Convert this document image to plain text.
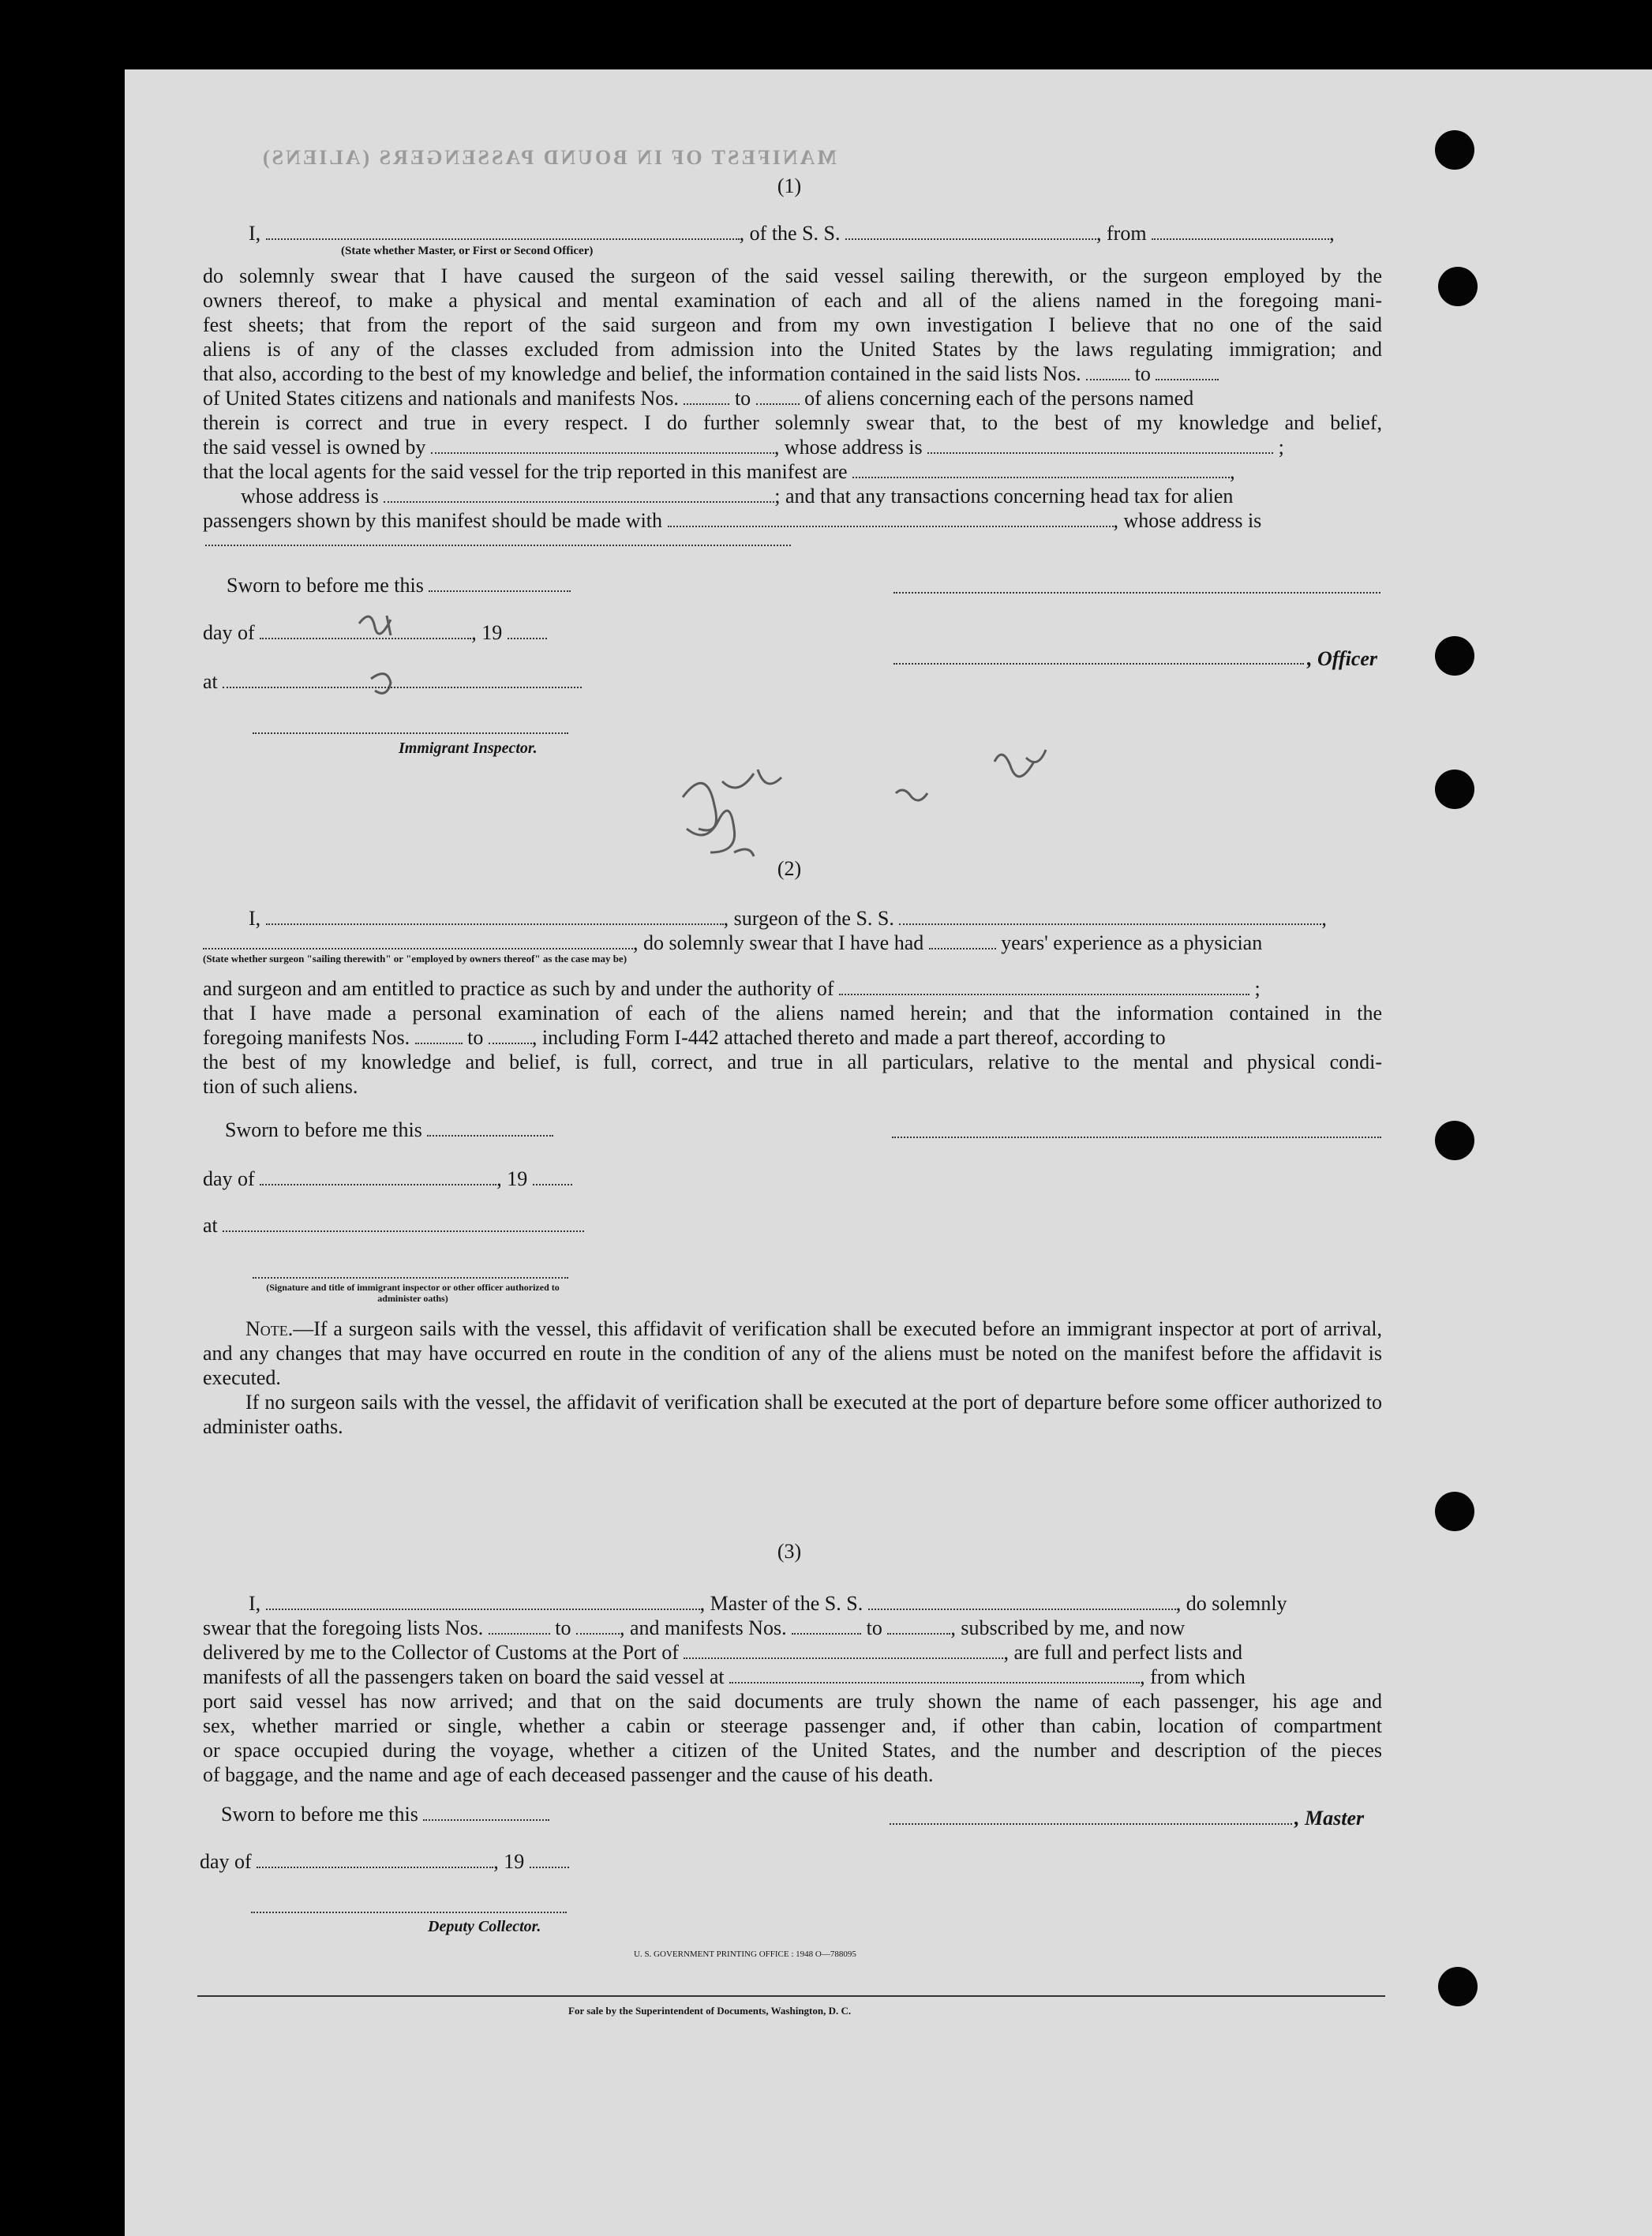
MANIFEST OF IN BOUND PASSENGERS (ALIENS)
(1)
I,	, of the S. S.	, from	,
(State whether Master, or First or Second Officer)

do solemnly swear that I have caused the surgeon of the said vessel sailing therewith, or the surgeon employed by the

owners thereof, to make a physical and mental examination of each and all of the aliens named in the foregoing mani-

fest sheets; that from the report of the said surgeon and from my own investigation I believe that no one of the said

aliens is of any of the classes excluded from admission into the United States by the laws regulating immigration; and

that also, according to the best of my knowledge and belief, the information contained in the said lists Nos.	to

of United States citizens and nationals and manifests Nos.	to	of aliens concerning each of the persons named

therein is correct and true in every respect. I do further solemnly swear that, to the best of my knowledge and belief,

the said vessel is owned by	, whose address is	;

that the local agents for the said vessel for the trip reported in this manifest are	,

whose address is	; and that any transactions concerning head tax for alien

passengers shown by this manifest should be made with	, whose address is

Sworn to before me this
day of	, 19
, Officer
at
Immigrant Inspector.
(2)
I,	, surgeon of the S. S.	,
, do solemnly swear that I have had	years' experience as a physician
(State whether surgeon "sailing therewith" or "employed by owners thereof" as the case may be)

and surgeon and am entitled to practice as such by and under the authority of	;

that I have made a personal examination of each of the aliens named herein; and that the information contained in the

foregoing manifests Nos.	to , including Form I-442 attached thereto and made a part thereof, according to

the best of my knowledge and belief, is full, correct, and true in all particulars, relative to the mental and physical condi-

tion of such aliens.

Sworn to before me this
day of	, 19
at
(Signature and title of immigrant inspector or other officer authorized to administer oaths)

Note.—If a surgeon sails with the vessel, this affidavit of verification shall be executed before an immigrant inspector at port of arrival, and any changes that may have occurred en route in the condition of any of the aliens must be noted on the manifest before the affidavit is executed.

If no surgeon sails with the vessel, the affidavit of verification shall be executed at the port of departure before some officer authorized to administer oaths.

(3)

I,	, Master of the S. S.	, do solemnly

swear that the foregoing lists Nos.	to , and manifests Nos.	to	, subscribed by me, and now

delivered by me to the Collector of Customs at the Port of	, are full and perfect lists and

manifests of all the passengers taken on board the said vessel at	, from which

port said vessel has now arrived; and that on the said documents are truly shown the name of each passenger, his age and

sex, whether married or single, whether a cabin or steerage passenger and, if other than cabin, location of compartment

or space occupied during the voyage, whether a citizen of the United States, and the number and description of the pieces

of baggage, and the name and age of each deceased passenger and the cause of his death.

Sworn to before me this	, Master
day of	, 19
Deputy Collector.
U. S. GOVERNMENT PRINTING OFFICE : 1948 O—788095
For sale by the Superintendent of Documents, Washington, D. C.
